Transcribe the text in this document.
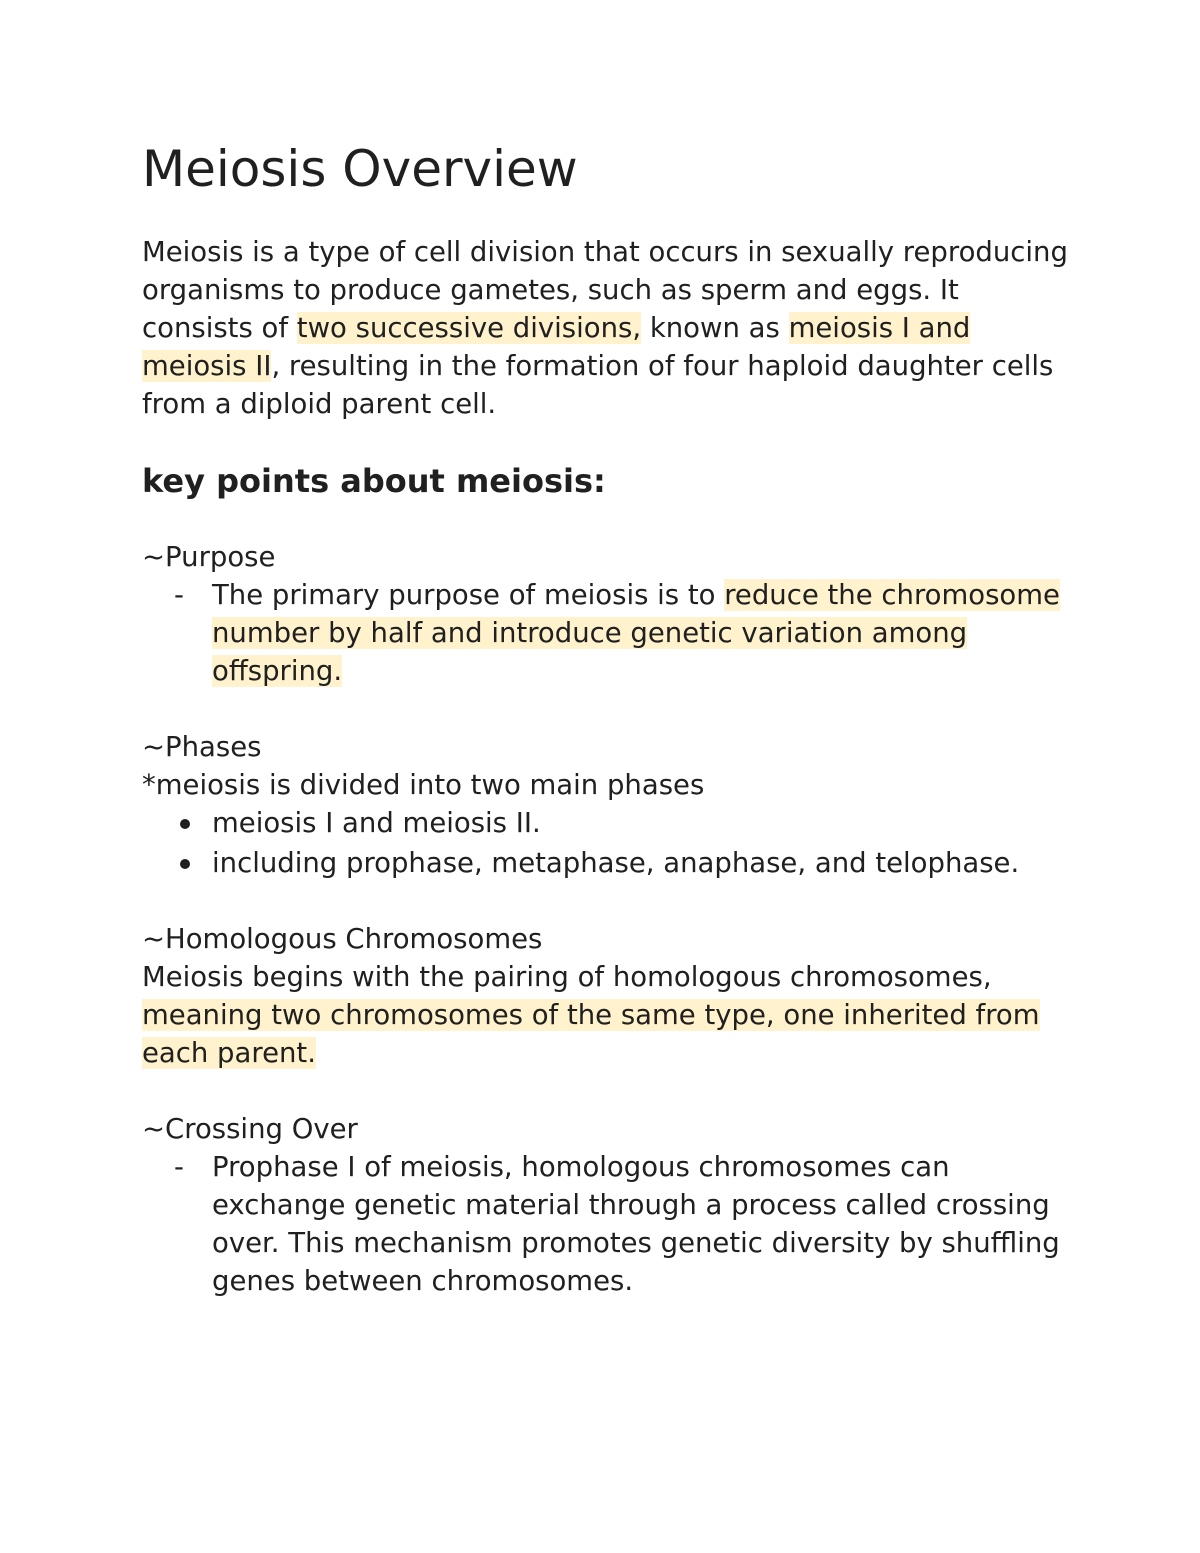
Meiosis Overview

Meiosis is a type of cell division that occurs in sexually reproducing organisms to produce gametes, such as sperm and eggs. It consists of two successive divisions, known as meiosis I and meiosis II, resulting in the formation of four haploid daughter cells from a diploid parent cell.

key points about meiosis:

~Purpose

- The primary purpose of meiosis is to reduce the chromosome number by half and introduce genetic variation among offspring.

~Phases

*meiosis is divided into two main phases

meiosis I and meiosis II.
including prophase, metaphase, anaphase, and telophase.

~Homologous Chromosomes

Meiosis begins with the pairing of homologous chromosomes, meaning two chromosomes of the same type, one inherited from each parent.

~Crossing Over

- Prophase I of meiosis, homologous chromosomes can exchange genetic material through a process called crossing over. This mechanism promotes genetic diversity by shuffling genes between chromosomes.
